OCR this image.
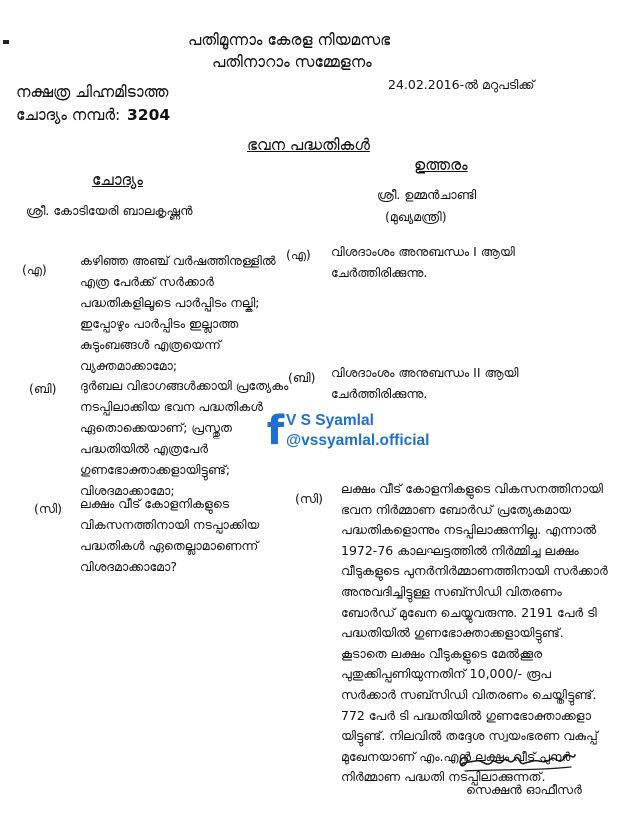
പതിമൂന്നാം കേരള നിയമസഭ
പതിനാറാം സമ്മേളനം
24.02.2016-ൽ മറുപടിക്ക്
നക്ഷത്ര ചിഹ്നമിടാത്ത
ചോദ്യം നമ്പർ: 3204
ഭവന പദ്ധതികൾ
ചോദ്യം
ശ്രീ. കോടിയേരി ബാലകൃഷ്ണൻ
ഉത്തരം
ശ്രീ. ഉമ്മൻചാണ്ടി
(മുഖ്യമന്ത്രി)
(എ)
കഴിഞ്ഞ അഞ്ച് വർഷത്തിനുള്ളിൽ
എത്ര പേർക്ക് സർക്കാർ
പദ്ധതികളിലൂടെ പാർപ്പിടം നല്കി;
ഇപ്പോഴും പാർപ്പിടം ഇല്ലാത്ത
കുടുംബങ്ങൾ എത്രയെന്ന്
വ്യക്തമാക്കാമോ;
(ബി) ദുർബല വിഭാഗങ്ങൾക്കായി പ്രത്യേകം
നടപ്പിലാക്കിയ ഭവന പദ്ധതികൾ
ഏതൊക്കെയാണ്; പ്രസ്തുത
പദ്ധതിയിൽ എത്രപേർ
ഗുണഭോക്താക്കളായിട്ടുണ്ട്;
വിശദമാക്കാമോ;
(സി) ലക്ഷം വീട് കോളനികളുടെ
വികസനത്തിനായി നടപ്പാക്കിയ
പദ്ധതികൾ ഏതെല്ലാമാണെന്ന്
വിശദമാക്കാമോ?
(എ) വിശദാംശം അനുബന്ധം I ആയി
ചേർത്തിരിക്കുന്നു.
(ബി) വിശദാംശം അനുബന്ധം II ആയി
ചേർത്തിരിക്കുന്നു.
f V S Syamlal
@vssyamlal.official
(സി)
ലക്ഷം വീട് കോളനികളുടെ വികസനത്തിനായി
ഭവന നിർമ്മാണ ബോർഡ് പ്രത്യേകമായ
പദ്ധതികളൊന്നും നടപ്പിലാക്കുന്നില്ല. എന്നാൽ
1972-76 കാലഘട്ടത്തിൽ നിർമ്മിച്ച ലക്ഷം
വീടുകളുടെ പുനർനിർമ്മാണത്തിനായി സർക്കാർ
അനുവദിച്ചിട്ടുള്ള സബ്സിഡി വിതരണം
ബോർഡ് മുഖേന ചെയ്യുവരുന്നു. 2191 പേർ ടി
പദ്ധതിയിൽ ഗുണഭോക്താക്കളായിട്ടുണ്ട്.
കൂടാതെ ലക്ഷം വീടുകളുടെ മേൽക്കൂര
പുതുക്കിപ്പണിയുന്നതിന് 10,000/- രൂപ
സർക്കാർ സബ്സിഡി വിതരണം ചെയ്തിട്ടുണ്ട്.
772 പേർ ടി പദ്ധതിയിൽ ഗുണഭോക്താക്കളാ
യിട്ടുണ്ട്. നിലവിൽ തദ്ദേശ സ്വയംഭരണ വകുപ്പ്
മുഖേനയാണ് എം.എൻ ലക്ഷം വീട് പുനർ
നിർമ്മാണ പദ്ധതി നടപ്പിലാക്കുന്നത്.
സെക്ഷൻ ഓഫീസർ
